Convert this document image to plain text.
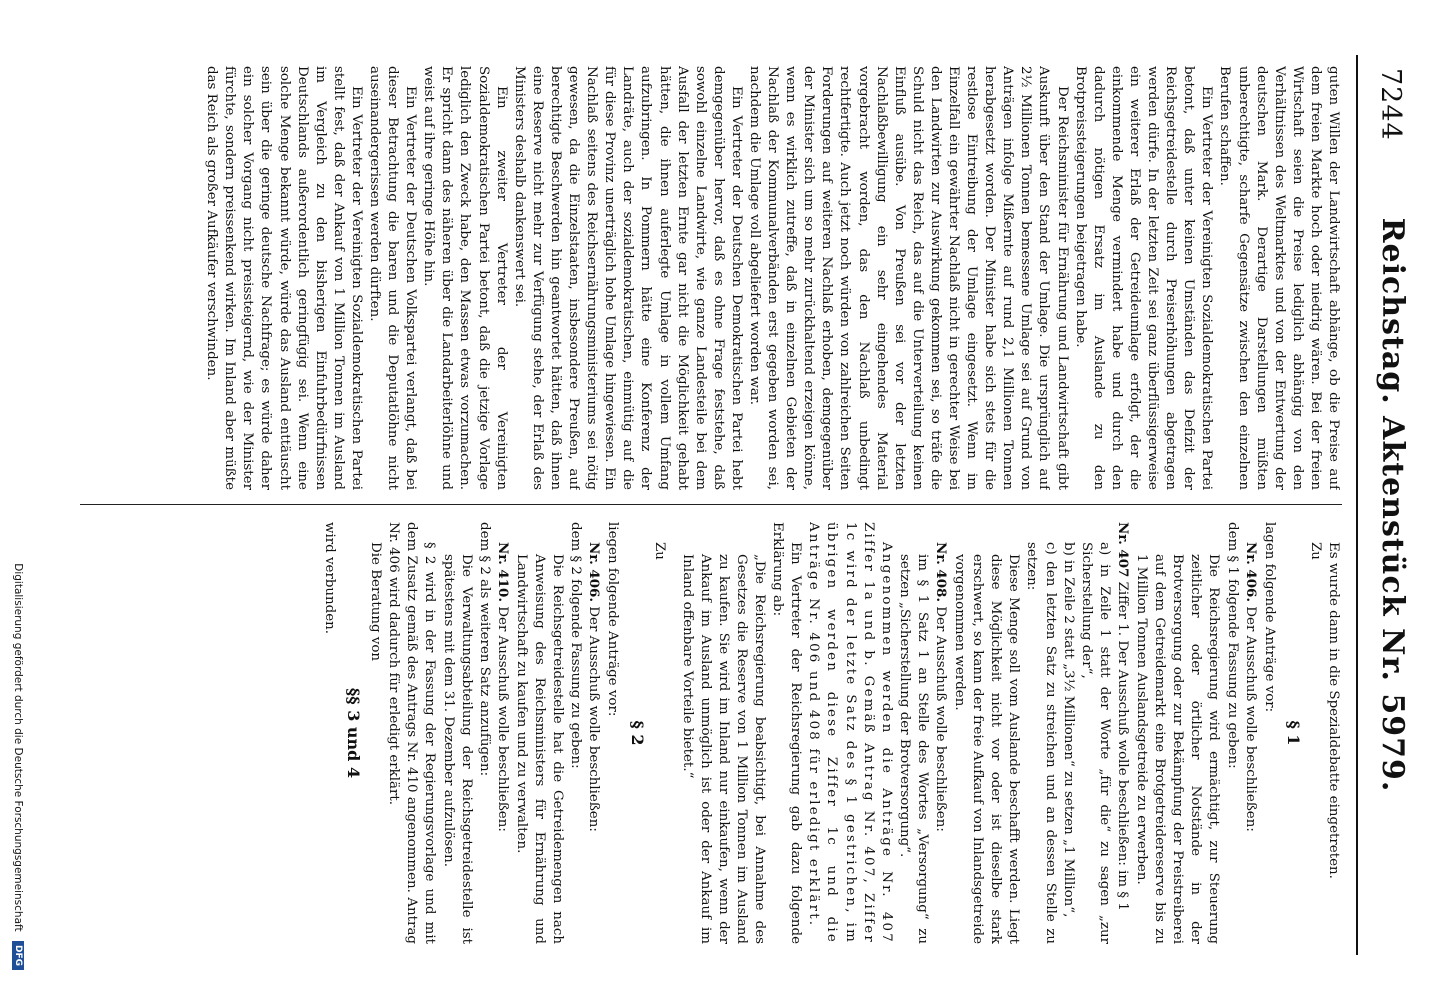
7244
Reichstag. Aktenstück Nr. 5979.

guten Willen der Landwirtschaft abhänge, ob die Preise auf dem freien Markte hoch oder niedrig wären. Bei der freien Wirtschaft seien die Preise lediglich abhängig von den Verhältnissen des Weltmarktes und von der Entwertung der deutschen Mark. Derartige Darstellungen müßten unberechtigte, scharfe Gegensätze zwischen den einzelnen Berufen schaffen.

Ein Vertreter der Vereinigten Sozialdemokratischen Partei betont, daß unter keinen Umständen das Defizit der Reichsgetreidestelle durch Preiserhöhungen abgetragen werden dürfe. In der letzten Zeit sei ganz überflüssigerweise ein weiterer Erlaß der Getreideumlage erfolgt, der die einkommende Menge vermindert habe und durch den dadurch nötigen Ersatz im Auslande zu den Brotpreissteigerungen beigetragen habe.

Der Reichsminister für Ernährung und Landwirtschaft gibt Auskunft über den Stand der Umlage. Die ursprünglich auf 2½ Millionen Tonnen bemessene Umlage sei auf Grund von Anträgen infolge Mißernte auf rund 2,1 Millionen Tonnen herabgesetzt worden. Der Minister habe sich stets für die restlose Eintreibung der Umlage eingesetzt. Wenn im Einzelfall ein gewährter Nachlaß nicht in gerechter Weise bei den Landwirten zur Auswirkung gekommen sei, so träfe die Schuld nicht das Reich, das auf die Unterverteilung keinen Einfluß ausübe. Von Preußen sei vor der letzten Nachlaßbewilligung ein sehr eingehendes Material vorgebracht worden, das den Nachlaß unbedingt rechtfertigte. Auch jetzt noch würden von zahlreichen Seiten Forderungen auf weiteren Nachlaß erhoben, demgegenüber der Minister sich um so mehr zurückhaltend erzeigen könne, wenn es wirklich zutreffe, daß in einzelnen Gebieten der Nachlaß der Kommunalverbänden erst gegeben worden sei, nachdem die Umlage voll abgeliefert worden war.

Ein Vertreter der Deutschen Demokratischen Partei hebt demgegenüber hervor, daß es ohne Frage feststehe, daß sowohl einzelne Landwirte, wie ganze Landesteile bei dem Ausfall der letzten Ernte gar nicht die Möglichkeit gehabt hätten, die ihnen auferlegte Umlage in vollem Umfang aufzubringen. In Pommern hätte eine Konferenz der Landräte, auch der sozialdemokratischen, einmütig auf die für diese Provinz unerträglich hohe Umlage hingewiesen. Ein Nachlaß seitens des Reichsernährungsministeriums sei nötig gewesen, da die Einzelstaaten, insbesondere Preußen, auf berechtigte Beschwerden hin geantwortet hätten, daß ihnen eine Reserve nicht mehr zur Verfügung stehe, der Erlaß des Ministers deshalb dankenswert sei.

Ein zweiter Vertreter der Vereinigten Sozialdemokratischen Partei betont, daß die jetzige Vorlage lediglich den Zweck habe, den Massen etwas vorzumachen. Er spricht dann des näheren über die Landarbeiterlöhne und weist auf ihre geringe Höhe hin.

Ein Vertreter der Deutschen Volkspartei verlangt, daß bei dieser Betrachtung die baren und die Deputatlöhne nicht auseinandergerissen werden dürften.

Ein Vertreter der Vereinigten Sozialdemokratischen Partei stellt fest, daß der Ankauf von 1 Million Tonnen im Ausland im Vergleich zu den bisherigen Einfuhrbedürfnissen Deutschlands außerordentlich geringfügig sei. Wenn eine solche Menge bekannt würde, würde das Ausland enttäuscht sein über die geringe deutsche Nachfrage; es würde daher ein solcher Vorgang nicht preissteigernd, wie der Minister fürchte, sondern preissenkend wirken. Im Inland aber müßte das Reich als großer Aufkäufer verschwinden.

Es wurde dann in die Spezialdebatte eingetreten.

Zu

§ 1

lagen folgende Anträge vor:

Nr. 406. Der Ausschuß wolle beschließen:

dem § 1 folgende Fassung zu geben:

Die Reichsregierung wird ermächtigt, zur Steuerung zeitlicher oder örtlicher Notstände in der Brotversorgung oder zur Bekämpfung der Preistreiberei auf dem Getreidemarkt eine Brotgetreidereserve bis zu 1 Million Tonnen Auslandsgetreide zu erwerben.

Nr. 407 Ziffer 1. Der Ausschuß wolle beschließen: im § 1

a) in Zeile 1 statt der Worte „für die“ zu sagen „zur Sicherstellung der“,

b) in Zeile 2 statt „3½ Millionen“ zu setzen „1 Million“,

c) den letzten Satz zu streichen und an dessen Stelle zu setzen:

Diese Menge soll vom Auslande beschafft werden. Liegt diese Möglichkeit nicht vor oder ist dieselbe stark erschwert, so kann der freie Aufkauf von Inlandsgetreide vorgenommen werden.

Nr. 408. Der Ausschuß wolle beschließen:

im § 1 Satz 1 an Stelle des Wortes „Versorgung“ zu setzen „Sicherstellung der Brotversorgung“.

Angenommen werden die Anträge Nr. 407 Ziffer 1a und b. Gemäß Antrag Nr. 407, Ziffer 1c wird der letzte Satz des § 1 gestrichen, im übrigen werden diese Ziffer 1c und die Anträge Nr. 406 und 408 für erledigt erklärt.

Ein Vertreter der Reichsregierung gab dazu folgende Erklärung ab:

„Die Reichsregierung beabsichtigt, bei Annahme des Gesetzes die Reserve von 1 Million Tonnen im Ausland zu kaufen. Sie wird im Inland nur einkaufen, wenn der Ankauf im Ausland unmöglich ist oder der Ankauf im Inland offenbare Vorteile bietet.“

Zu

§ 2

liegen folgende Anträge vor:

Nr. 406. Der Ausschuß wolle beschließen:

dem § 2 folgende Fassung zu geben:

Die Reichsgetreidestelle hat die Getreidemengen nach Anweisung des Reichsministers für Ernährung und Landwirtschaft zu kaufen und zu verwalten.

Nr. 410. Der Ausschuß wolle beschließen:

dem § 2 als weiteren Satz anzufügen:

Die Verwaltungsabteilung der Reichsgetreidestelle ist spätestens mit dem 31. Dezember aufzulösen.

§ 2 wird in der Fassung der Regierungsvorlage und mit dem Zusatz gemäß des Antrags Nr. 410 angenommen. Antrag Nr. 406 wird dadurch für erledigt erklärt.

Die Beratung von

§§ 3 und 4

wird verbunden.

Digitalisierung gefördert durch die Deutsche Forschungsgemeinschaft DFG
